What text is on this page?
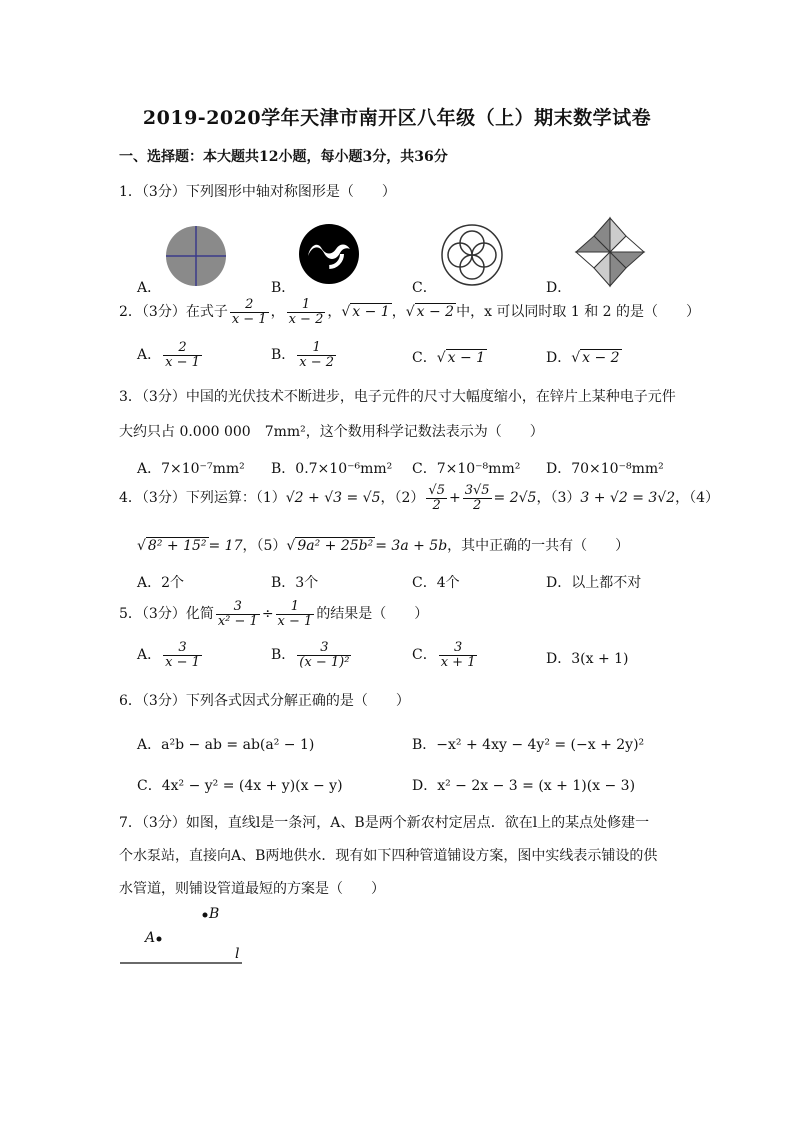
2019-2020学年天津市南开区八年级（上）期末数学试卷
一、选择题：本大题共12小题，每小题3分，共36分
1．（3分）下列图形中轴对称图形是（　　）
A．	B．	C．	D．
2．（3分）在式子 $\frac{2}{x - 1}$ ， $\frac{1}{x - 2}$ ，√ x − 1 ，√ x − 2 中，x 可以同时取 1 和 2 的是（　　）
A． $\frac{2}{x - 1}$	B． $\frac{1}{x - 2}$	C．√ x − 1	D．√ x − 2
3．（3分）中国的光伏技术不断进步，电子元件的尺寸大幅度缩小，在锌片上某种电子元件
大约只占 0.000 000　7mm²，这个数用科学记数法表示为（　　）
A．7×10⁻⁷mm² B．0.7×10⁻⁶mm² C．7×10⁻⁸mm² D．70×10⁻⁸mm²
4．（3分）下列运算：（1）√2 + √3 = √5，$(2) \frac{√5}{2} + \frac{3√5}{2} = 2√5$，（3）3 + √2 = 3√2，（4）
√ 8² + 15² = 17，（5）√ 9a² + 25b² = 3a + 5b，其中正确的一共有（　　）
A．2个	B．3个	C．4个	D．以上都不对
5．（3分）化简 $\frac{3}{\text{x² − 1}} \div \frac{1}{x - 1}$ 的结果是（　　）
A． $\frac{3}{x - 1}$	B． $\frac{3}{\text{(x − 1)²}}$	C． $\frac{3}{x + 1}$	D．3(x + 1)
6．（3分）下列各式因式分解正确的是（　　）
A．a²b − ab = ab(a² − 1)	B．−x² + 4xy − 4y² = (−x + 2y)²
C．4x² − y² = (4x + y)(x − y)	D．x² − 2x − 3 = (x + 1)(x − 3)
7．（3分）如图，直线l是一条河，A、B是两个新农村定居点．欲在l上的某点处修建一
个水泵站，直接向A、B两地供水．现有如下四种管道铺设方案，图中实线表示铺设的供
水管道，则铺设管道最短的方案是（　　）
B
A
l
